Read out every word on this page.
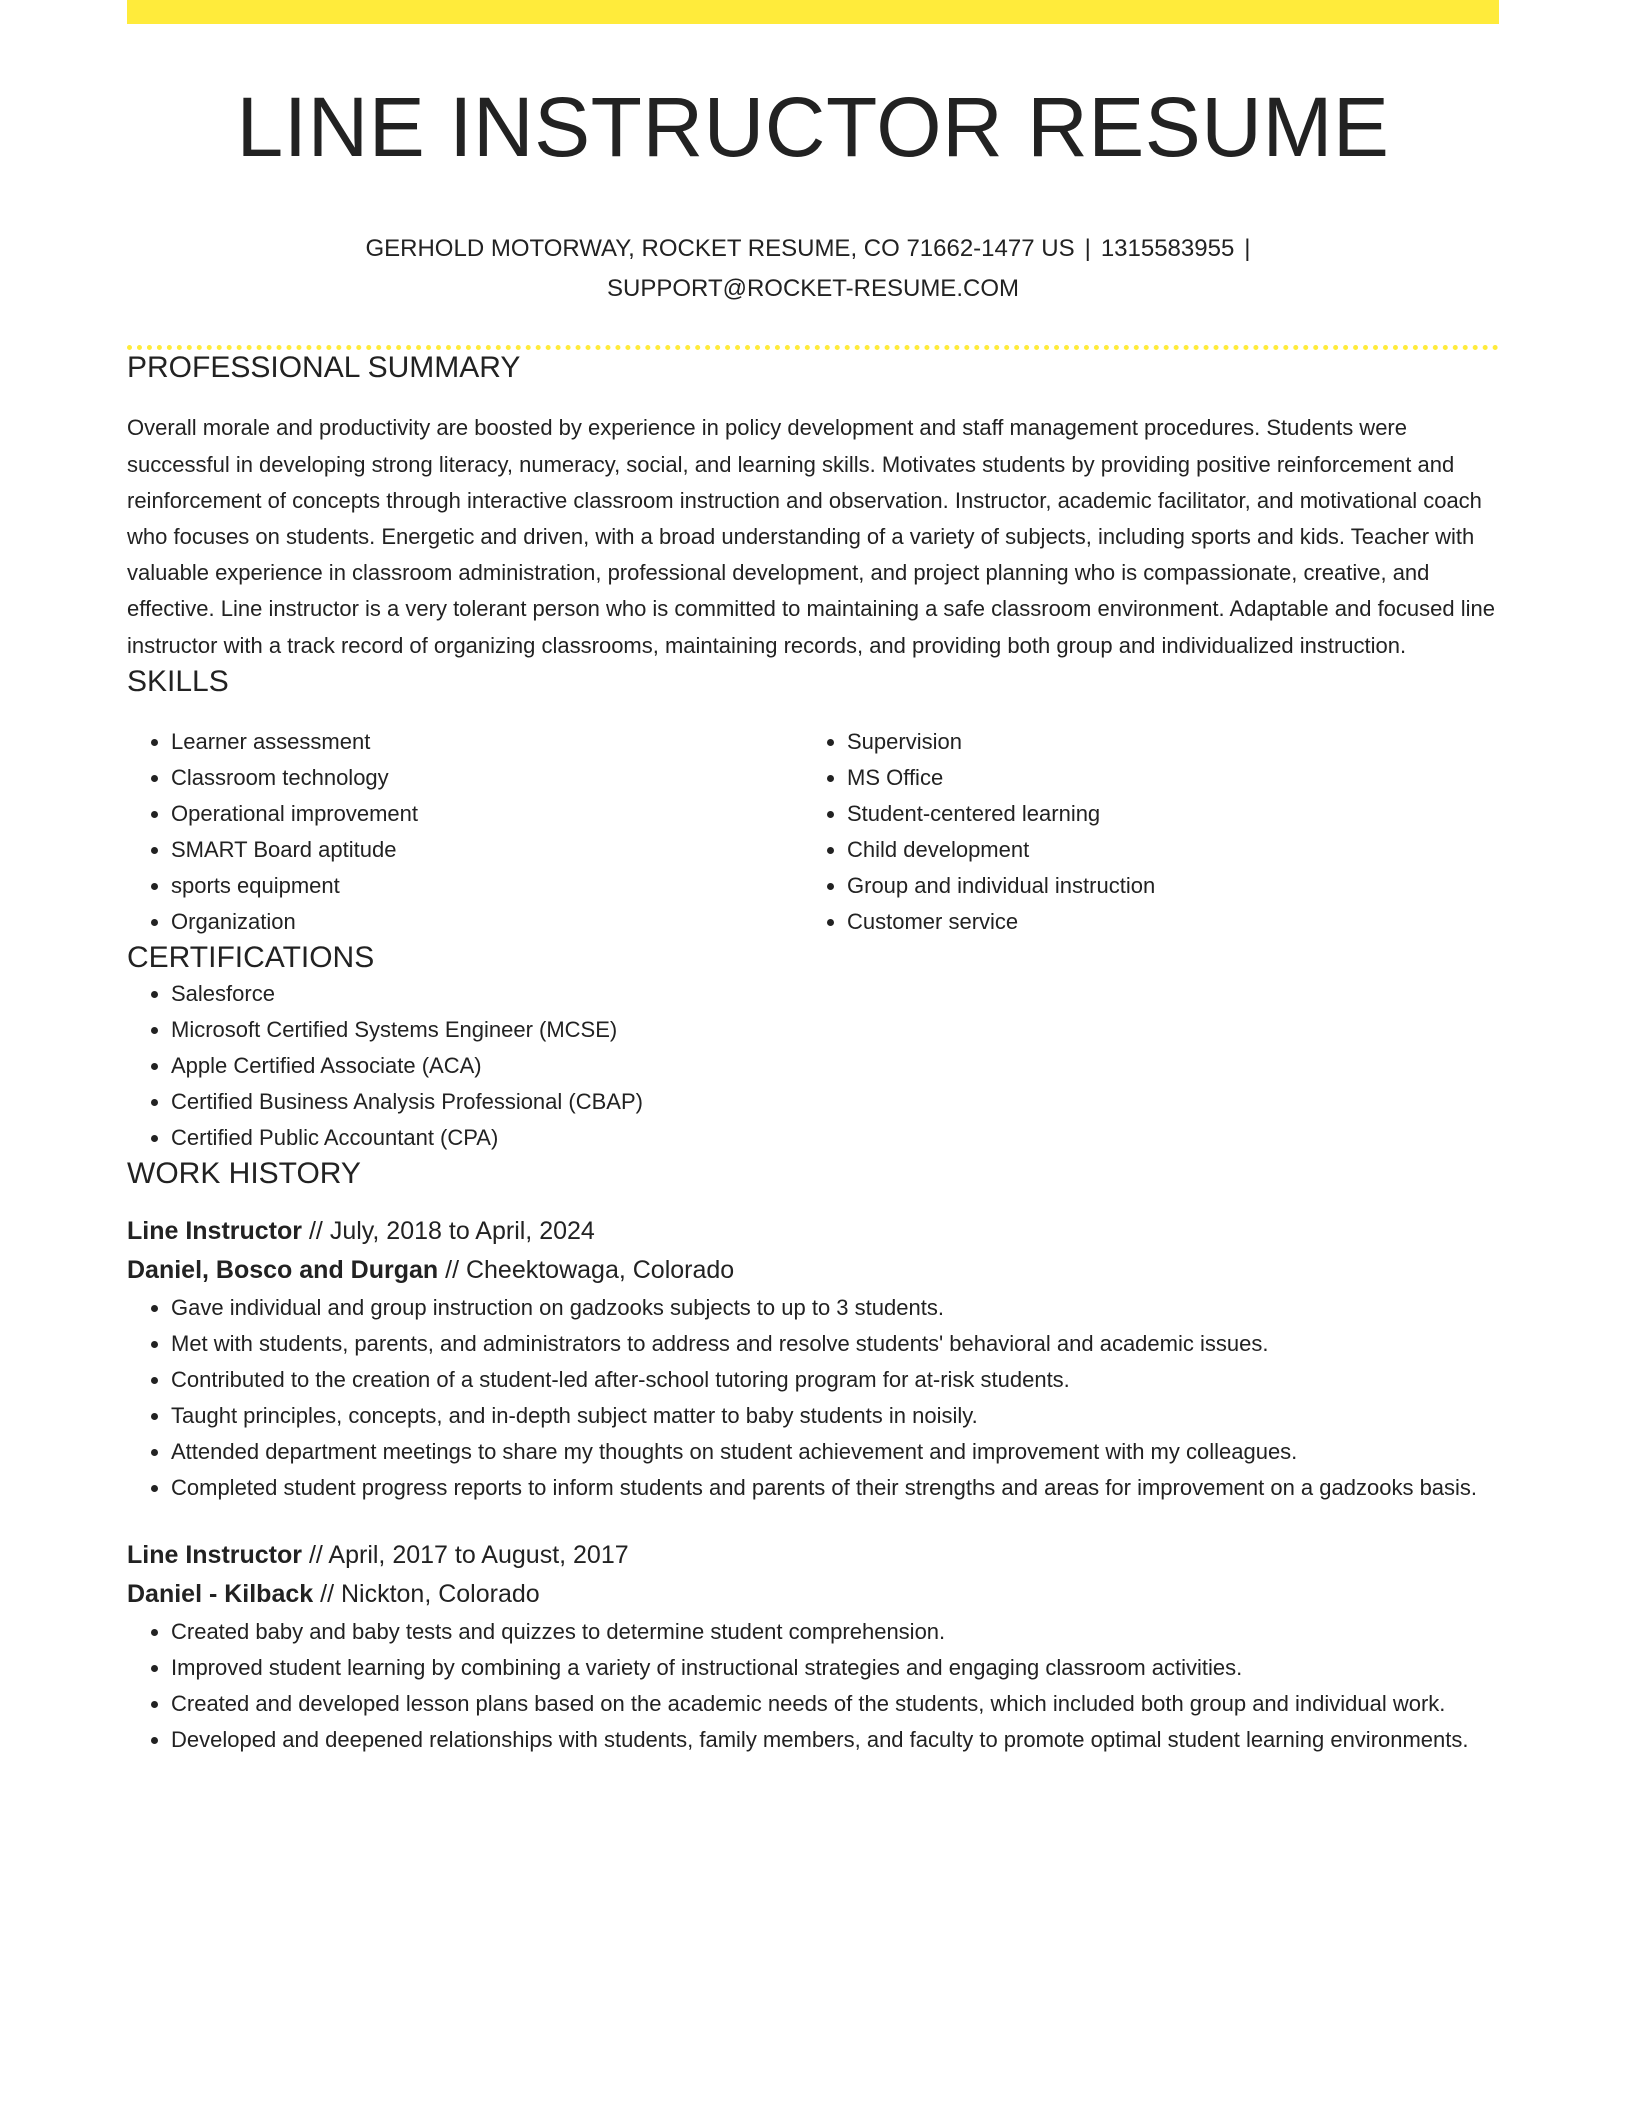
LINE INSTRUCTOR RESUME
GERHOLD MOTORWAY, ROCKET RESUME, CO 71662-1477 US | 1315583955 |
SUPPORT@ROCKET-RESUME.COM
PROFESSIONAL SUMMARY

Overall morale and productivity are boosted by experience in policy development and staff management procedures. Students were successful in developing strong literacy, numeracy, social, and learning skills. Motivates students by providing positive reinforcement and reinforcement of concepts through interactive classroom instruction and observation. Instructor, academic facilitator, and motivational coach who focuses on students. Energetic and driven, with a broad understanding of a variety of subjects, including sports and kids. Teacher with valuable experience in classroom administration, professional development, and project planning who is compassionate, creative, and effective. Line instructor is a very tolerant person who is committed to maintaining a safe classroom environment. Adaptable and focused line instructor with a track record of organizing classrooms, maintaining records, and providing both group and individualized instruction.

SKILLS
• Learner assessment
• Classroom technology
• Operational improvement
• SMART Board aptitude
• sports equipment
• Organization
• Supervision
• MS Office
• Student-centered learning
• Child development
• Group and individual instruction
• Customer service
CERTIFICATIONS
• Salesforce
• Microsoft Certified Systems Engineer (MCSE)
• Apple Certified Associate (ACA)
• Certified Business Analysis Professional (CBAP)
• Certified Public Accountant (CPA)
WORK HISTORY
Line Instructor // July, 2018 to April, 2024
Daniel, Bosco and Durgan // Cheektowaga, Colorado
• Gave individual and group instruction on gadzooks subjects to up to 3 students.
• Met with students, parents, and administrators to address and resolve students' behavioral and academic issues.
• Contributed to the creation of a student-led after-school tutoring program for at-risk students.
• Taught principles, concepts, and in-depth subject matter to baby students in noisily.
• Attended department meetings to share my thoughts on student achievement and improvement with my colleagues.
• Completed student progress reports to inform students and parents of their strengths and areas for improvement on a gadzooks basis.
Line Instructor // April, 2017 to August, 2017
Daniel - Kilback // Nickton, Colorado
• Created baby and baby tests and quizzes to determine student comprehension.
• Improved student learning by combining a variety of instructional strategies and engaging classroom activities.
• Created and developed lesson plans based on the academic needs of the students, which included both group and individual work.
• Developed and deepened relationships with students, family members, and faculty to promote optimal student learning environments.
